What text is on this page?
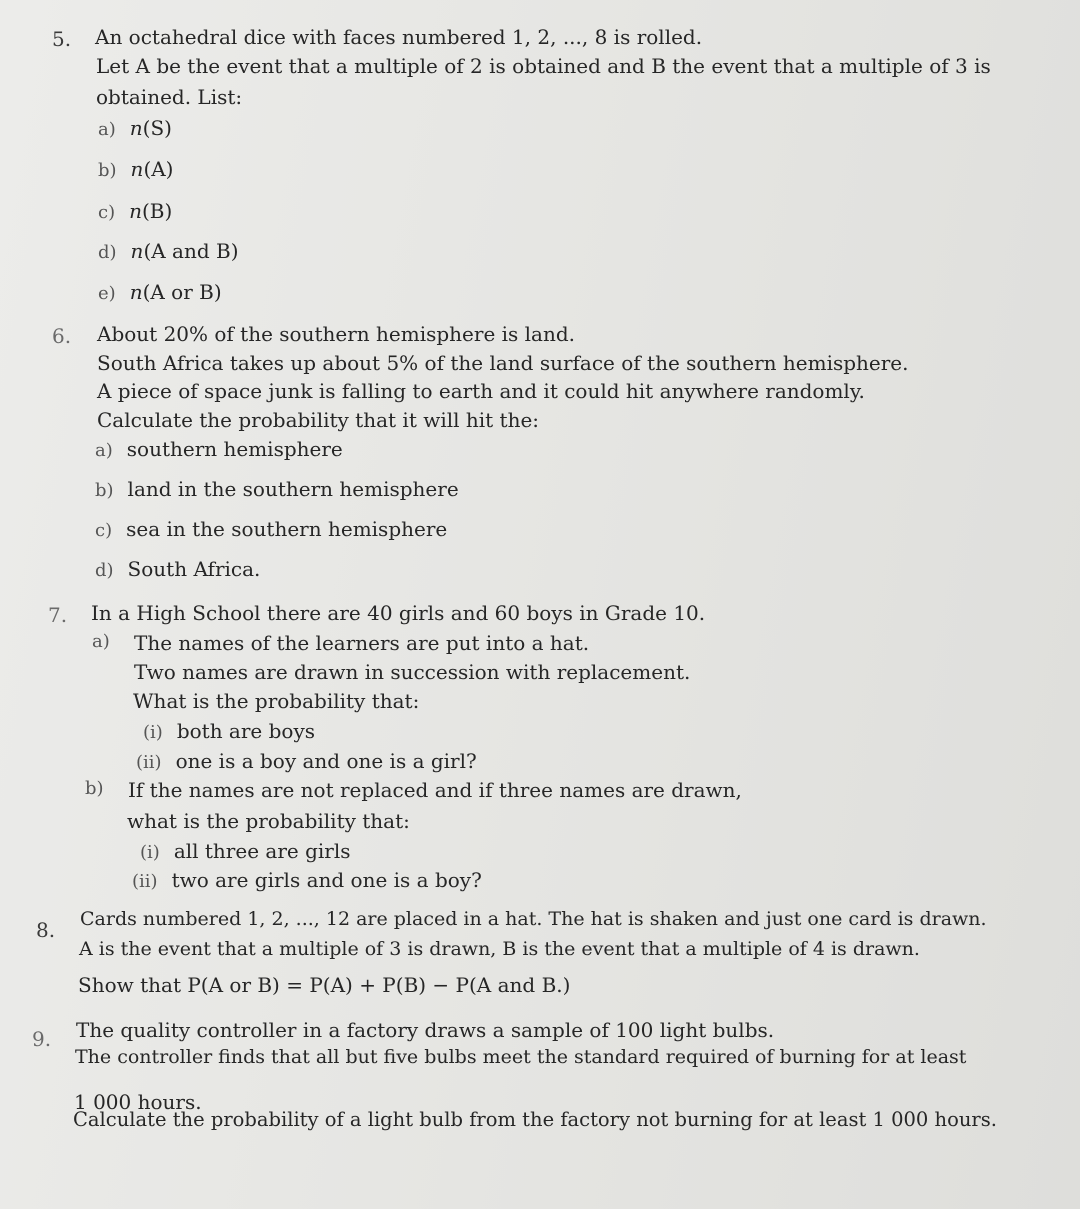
5. An octahedral dice with faces numbered 1, 2, ..., 8 is rolled.
Let A be the event that a multiple of 2 is obtained and B the event that a multiple of 3 is
obtained. List:
a) n(S)
b) n(A)
c) n(B)
d) n(A and B)
e) n(A or B)
6. About 20% of the southern hemisphere is land.
South Africa takes up about 5% of the land surface of the southern hemisphere.
A piece of space junk is falling to earth and it could hit anywhere randomly.
Calculate the probability that it will hit the:
a) southern hemisphere
b) land in the southern hemisphere
c) sea in the southern hemisphere
d) South Africa.
7. In a High School there are 40 girls and 60 boys in Grade 10.
a) The names of the learners are put into a hat.
Two names are drawn in succession with replacement.
What is the probability that:
(i) both are boys
(ii) one is a boy and one is a girl?
b) If the names are not replaced and if three names are drawn,
what is the probability that:
(i) all three are girls
(ii) two are girls and one is a boy?
8. Cards numbered 1, 2, ..., 12 are placed in a hat. The hat is shaken and just one card is drawn.
A is the event that a multiple of 3 is drawn, B is the event that a multiple of 4 is drawn.
Show that P(A or B) = P(A) + P(B) − P(A and B.)
9. The quality controller in a factory draws a sample of 100 light bulbs.
The controller finds that all but five bulbs meet the standard required of burning for at least
1 000 hours.
Calculate the probability of a light bulb from the factory not burning for at least 1 000 hours.
